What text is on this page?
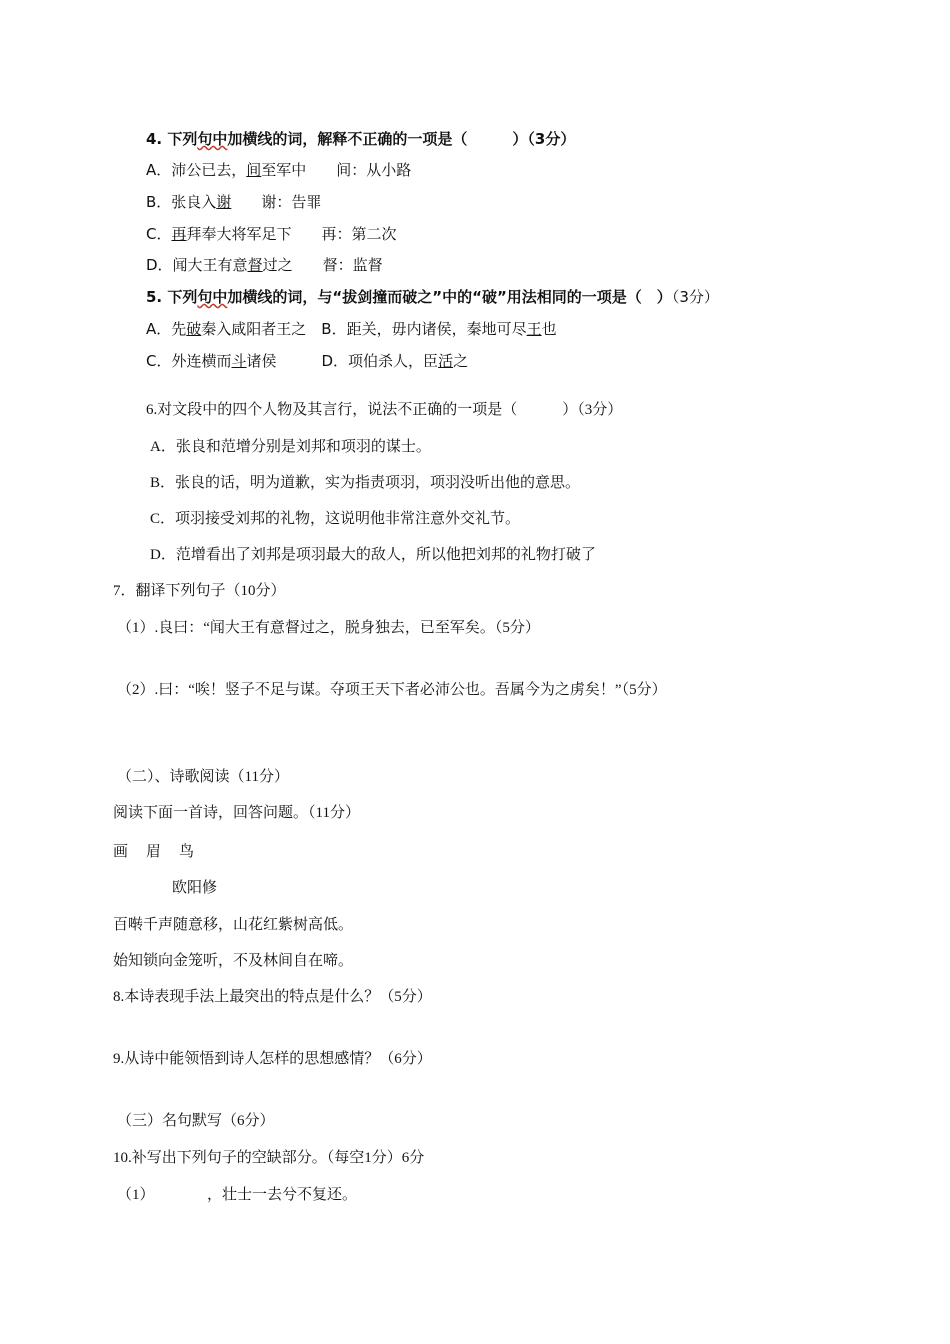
4. 下列句中加横线的词，解释不正确的一项是（　　　）（3分）
A．沛公已去，间至军中　　间：从小路
B．张良入谢　　谢：告罪
C．再拜奉大将军足下　　再：第二次
D．闻大王有意督过之　　督：监督
5. 下列句中加横线的词，与“拔剑撞而破之”中的“破”用法相同的一项是（　）（3分）
A．先破秦入咸阳者王之　B．距关，毋内诸侯，秦地可尽王也
C．外连横而斗诸侯　　　D．项伯杀人，臣活之
6.对文段中的四个人物及其言行，说法不正确的一项是（　　　）（3分）
A．张良和范增分别是刘邦和项羽的谋士。
B．张良的话，明为道歉，实为指责项羽，项羽没听出他的意思。
C．项羽接受刘邦的礼物，这说明他非常注意外交礼节。
D．范增看出了刘邦是项羽最大的敌人，所以他把刘邦的礼物打破了
7．翻译下列句子（10分）
（1）.良曰：“闻大王有意督过之，脱身独去，已至军矣。（5分）
（2）.曰：“唉！竖子不足与谋。夺项王天下者必沛公也。吾属今为之虏矣！”（5分）
（二）、诗歌阅读（11分）
阅读下面一首诗，回答问题。（11分）
画眉鸟
欧阳修
百啭千声随意移，山花红紫树高低。
始知锁向金笼听，不及林间自在啼。
8.本诗表现手法上最突出的特点是什么？（5分）
9.从诗中能领悟到诗人怎样的思想感情？（6分）
（三）名句默写（6分）
10.补写出下列句子的空缺部分。（每空1分）6分
（1）　　　　，壮士一去兮不复还。
